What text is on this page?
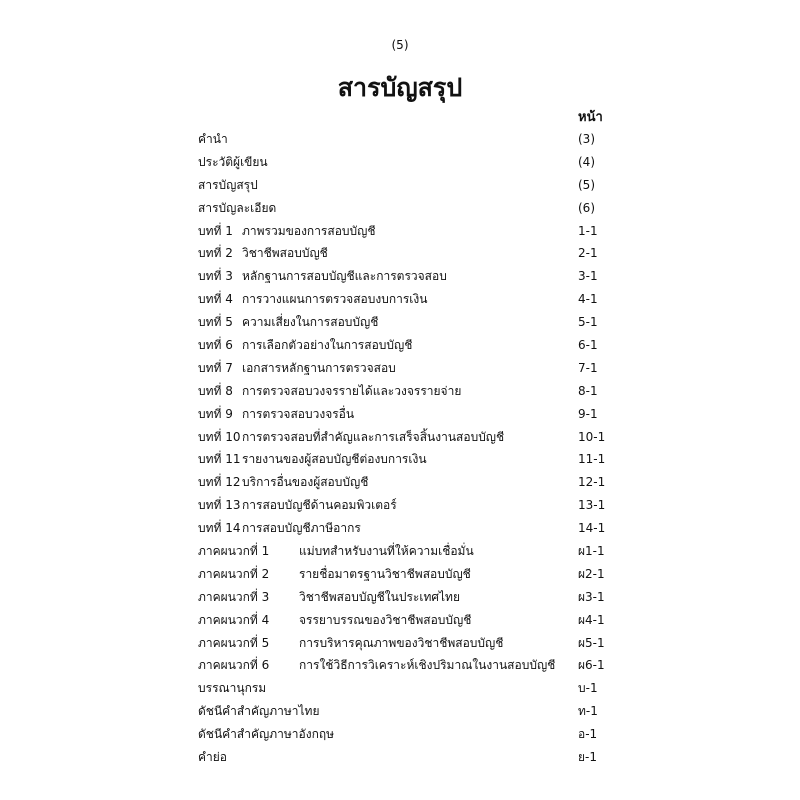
(5)
สารบัญสรุป
หน้า
คำนำ	(3)
ประวัติผู้เขียน	(4)
สารบัญสรุป	(5)
สารบัญละเอียด	(6)
บทที่ 1 ภาพรวมของการสอบบัญชี	1-1
บทที่ 2 วิชาชีพสอบบัญชี	2-1
บทที่ 3 หลักฐานการสอบบัญชีและการตรวจสอบ	3-1
บทที่ 4 การวางแผนการตรวจสอบงบการเงิน	4-1
บทที่ 5 ความเสี่ยงในการสอบบัญชี	5-1
บทที่ 6 การเลือกตัวอย่างในการสอบบัญชี	6-1
บทที่ 7 เอกสารหลักฐานการตรวจสอบ	7-1
บทที่ 8 การตรวจสอบวงจรรายได้และวงจรรายจ่าย	8-1
บทที่ 9 การตรวจสอบวงจรอื่น	9-1
บทที่ 10การตรวจสอบที่สำคัญและการเสร็จสิ้นงานสอบบัญชี	10-1
บทที่ 11รายงานของผู้สอบบัญชีต่องบการเงิน	11-1
บทที่ 12บริการอื่นของผู้สอบบัญชี	12-1
บทที่ 13การสอบบัญชีด้านคอมพิวเตอร์	13-1
บทที่ 14การสอบบัญชีภาษีอากร	14-1
ภาคผนวกที่ 1 แม่บทสำหรับงานที่ให้ความเชื่อมั่น	ผ1-1
ภาคผนวกที่ 2 รายชื่อมาตรฐานวิชาชีพสอบบัญชี	ผ2-1
ภาคผนวกที่ 3 วิชาชีพสอบบัญชีในประเทศไทย	ผ3-1
ภาคผนวกที่ 4 จรรยาบรรณของวิชาชีพสอบบัญชี	ผ4-1
ภาคผนวกที่ 5 การบริหารคุณภาพของวิชาชีพสอบบัญชี	ผ5-1
ภาคผนวกที่ 6 การใช้วิธีการวิเคราะห์เชิงปริมาณในงานสอบบัญชี ผ6-1
บรรณานุกรม	บ-1
ดัชนีคำสำคัญภาษาไทย	ท-1
ดัชนีคำสำคัญภาษาอังกฤษ	อ-1
คำย่อ	ย-1
